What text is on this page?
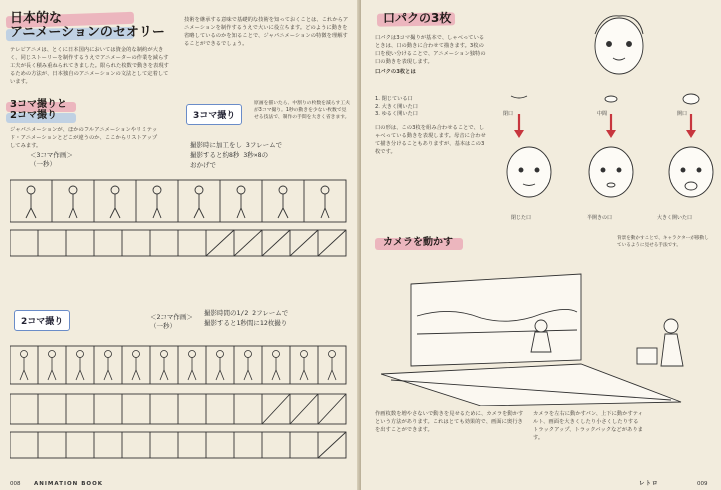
日本的な
アニメーションのセオリー

テレビアニメは、とくに日本国内においては資金的な制約が大きく、同じストーリーを制作するうえでアニメーターの作業を減らす工夫が長く積み重ねられてきました。限られた枚数で動きを表現するための方法が、日本独自のアニメーションの文法として定着しています。

技術を継承する意味で基礎的な技術を知っておくことは、これからアニメーションを制作するうえで大いに役立ちます。どのように動きを省略しているのかを知ることで、ジャパニメーションの特徴を理解することができるでしょう。

原画を描いたら、中割りの枚数を減らす工夫が3コマ撮り。1秒の動きを少ない枚数で見せる技法で、制作の手間を大きく省きます。

3コマ撮りと
2コマ撮り

ジャパニメーションが、ほかのフルアニメーションやリミテッド・アニメーションとどこが違うのか、ここからリストアップしてみます。

3コマ撮り
＜3コマ作画＞
（一秒）
撮影時に加工をし 3フレームで
撮影すると約8秒 3秒×8の
おかげで
2コマ撮り	＜2コマ作画＞
（一秒）
撮影時間の1/2 2フレームで
撮影すると1秒間に12枚撮り
008 ANIMATION BOOK
口パクの3枚

口パクは3コマ撮りが基本で、しゃべっているときは、口の動きに合わせて描きます。3枚の口を使い分けることで、アニメーション独特の口の動きを表現します。

口パクの3枚とは

1. 閉じている口
2. 大きく開いた口
3. ゆるく開いた口

口の形は、この3枚を組み合わせることで、しゃべっている動きを表現します。母音に合わせて描き分けることもありますが、基本はこの3枚です。

閉口	中間	開口
閉じた口	半開きの口	大きく開いた口
カメラを動かす	背景を動かすことで、キャラクターが移動しているように見せる手法です。

作画枚数を増やさないで動きを見せるために、カメラを動かすという方法があります。これはとても効果的で、画面に奥行きを出すことができます。

カメラを左右に動かすパン、上下に動かすティルト、画面を大きくしたり小さくしたりするトラックアップ、トラックバックなどがあります。

レトロ	009
